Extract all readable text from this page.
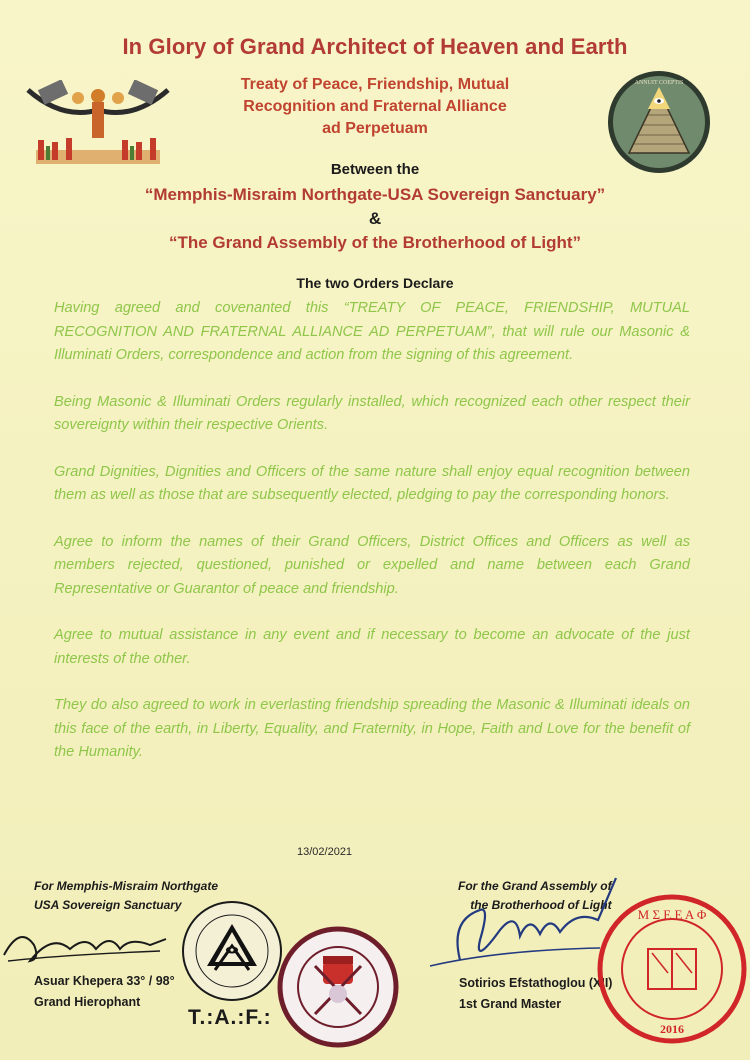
ANNUIT COEPTIS
In Glory of Grand Architect of Heaven and Earth
Treaty of Peace, Friendship, Mutual
Recognition and Fraternal Alliance
ad Perpetuam
Between the
“Memphis-Misraim Northgate-USA Sovereign Sanctuary”
&
“The Grand Assembly of the Brotherhood of Light”
The two Orders Declare

Having agreed and covenanted this “TREATY OF PEACE, FRIENDSHIP, MUTUAL RECOGNITION AND FRATERNAL ALLIANCE AD PERPETUAM”, that will rule our Masonic & Illuminati Orders, correspondence and action from the signing of this agreement.

Being Masonic & Illuminati Orders regularly installed, which recognized each other respect their sovereignty within their respective Orients.

Grand Dignities, Dignities and Officers of the same nature shall enjoy equal recognition between them as well as those that are subsequently elected, pledging to pay the corresponding honors.

Agree to inform the names of their Grand Officers, District Offices and Officers as well as members rejected, questioned, punished or expelled and name between each Grand Representative or Guarantor of peace and friendship.

Agree to mutual assistance in any event and if necessary to become an advocate of the just interests of the other.

They do also agreed to work in everlasting friendship spreading the Masonic & Illuminati ideals on this face of the earth, in Liberty, Equality, and Fraternity, in Hope, Faith and Love for the benefit of the Humanity.

13/02/2021
For Memphis-Misraim Northgate
USA Sovereign Sanctuary
Asuar Khepera 33° / 98°
Grand Hierophant
T.:A.:F.:
For the Grand Assembly of
the Brotherhood of Light
Sotirios Efstathoglou (XII)
1st Grand Master
Μ Σ Ε Ε Α Φ
2016
